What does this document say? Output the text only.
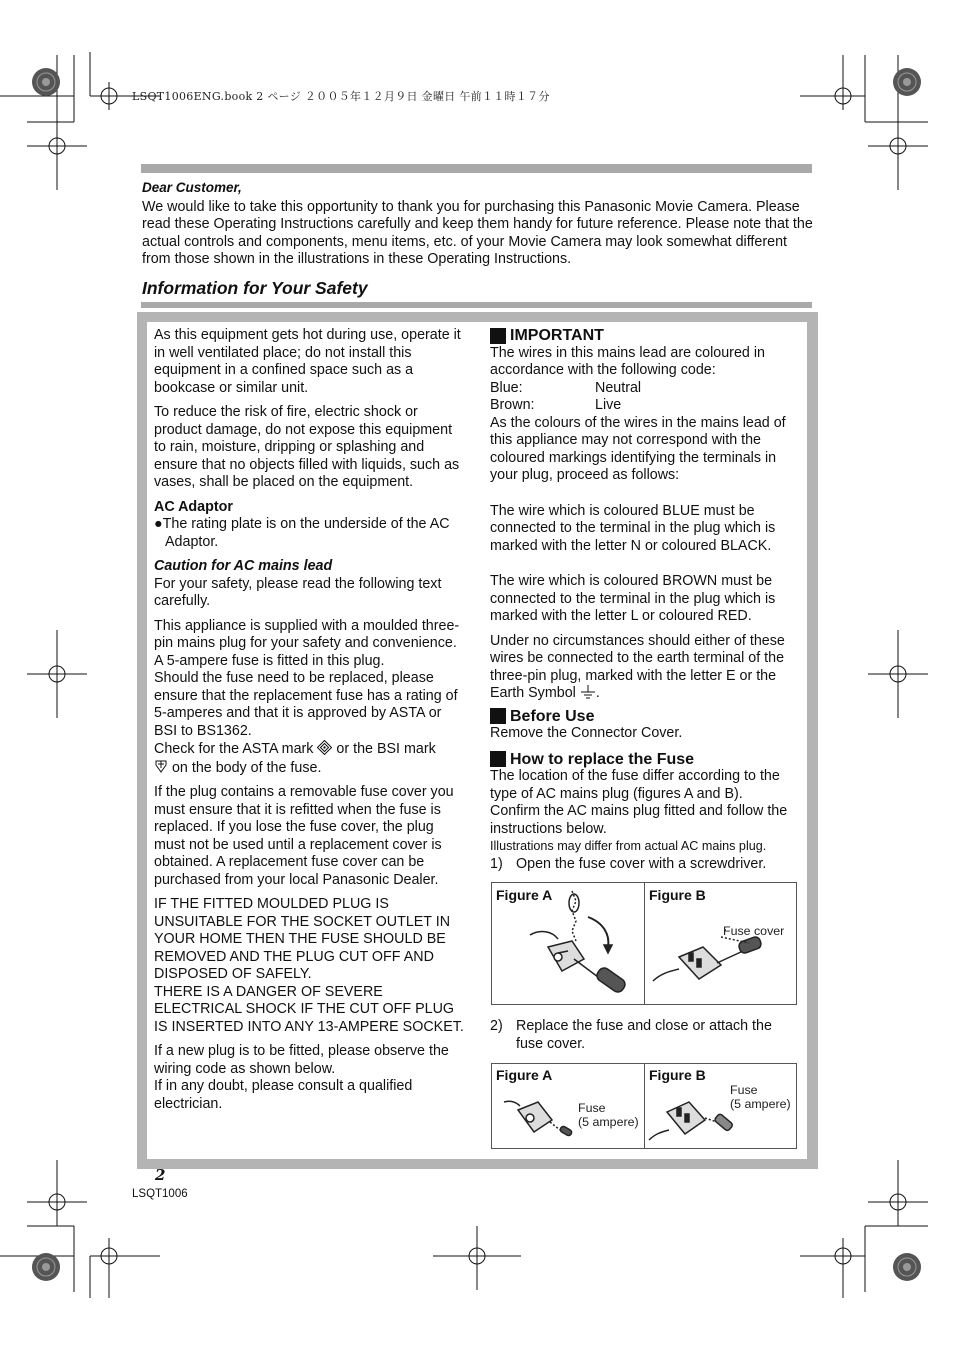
LSQT1006ENG.book 2 ページ ２００５年１２月９日 金曜日 午前１１時１７分
Dear Customer,
We would like to take this opportunity to thank you for purchasing this Panasonic Movie Camera. Please read these Operating Instructions carefully and keep them handy for future reference. Please note that the actual controls and components, menu items, etc. of your Movie Camera may look somewhat different from those shown in the illustrations in these Operating Instructions.
Information for Your Safety

As this equipment gets hot during use, operate it in well ventilated place; do not install this equipment in a confined space such as a bookcase or similar unit.

To reduce the risk of fire, electric shock or product damage, do not expose this equipment to rain, moisture, dripping or splashing and ensure that no objects filled with liquids, such as vases, shall be placed on the equipment.

AC Adaptor

●The rating plate is on the underside of the AC Adaptor.

Caution for AC mains lead

For your safety, please read the following text carefully.

This appliance is supplied with a moulded three-pin mains plug for your safety and convenience. A 5-ampere fuse is fitted in this plug.

Should the fuse need to be replaced, please ensure that the replacement fuse has a rating of 5-amperes and that it is approved by ASTA or BSI to BS1362.

Check for the ASTA mark or the BSI mark
on the body of the fuse.

If the plug contains a removable fuse cover you must ensure that it is refitted when the fuse is replaced. If you lose the fuse cover, the plug must not be used until a replacement cover is obtained. A replacement fuse cover can be purchased from your local Panasonic Dealer.

IF THE FITTED MOULDED PLUG IS UNSUITABLE FOR THE SOCKET OUTLET IN YOUR HOME THEN THE FUSE SHOULD BE REMOVED AND THE PLUG CUT OFF AND DISPOSED OF SAFELY.

THERE IS A DANGER OF SEVERE ELECTRICAL SHOCK IF THE CUT OFF PLUG IS INSERTED INTO ANY 13-AMPERE SOCKET.

If a new plug is to be fitted, please observe the wiring code as shown below.

If in any doubt, please consult a qualified electrician.

IMPORTANT

The wires in this mains lead are coloured in accordance with the following code:

Blue:	Neutral
Brown:	Live

As the colours of the wires in the mains lead of this appliance may not correspond with the coloured markings identifying the terminals in your plug, proceed as follows:

The wire which is coloured BLUE must be connected to the terminal in the plug which is marked with the letter N or coloured BLACK.

The wire which is coloured BROWN must be connected to the terminal in the plug which is marked with the letter L or coloured RED.

Under no circumstances should either of these wires be connected to the earth terminal of the three-pin plug, marked with the letter E or the Earth Symbol .

Before Use

Remove the Connector Cover.

How to replace the Fuse

The location of the fuse differ according to the type of AC mains plug (figures A and B).

Confirm the AC mains plug fitted and follow the instructions below.

Illustrations may differ from actual AC mains plug.

1) Open the fuse cover with a screwdriver.
Figure A	Figure B
Fuse cover
2) Replace the fuse and close or attach the fuse cover.
Figure A
Fuse
(5 ampere)
Figure B
Fuse
(5 ampere)
2
LSQT1006
